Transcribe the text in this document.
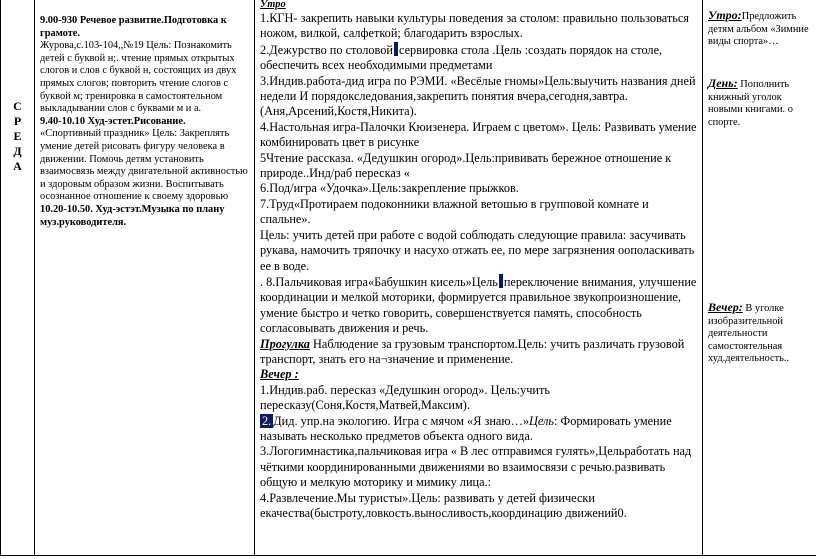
С
Р
Е
Д
А

9.00-930 Речевое развитие.Подготовка к грамоте.

Журова,с.103-104,,№19 Цель: Познакомить детей с буквой н;. чтение прямых открытых слогов и слов с буквой н, состоящих из двух прямых слогов; повторить чтение слогов с буквой м; тренировка в самостоятельном выкладывании слов с буквами м и а.

9.40-10.10 Худ-эстет.Рисование.

«Спортивный праздник» Цель: Закреплять умение детей рисовать фигуру человека в движении. Помочь детям установить взаимосвязь между двигательной активностью и здоровым образом жизни. Воспитывать осознанное отношение к своему здоровью

10.20-10.50. Худ-эстэт.Музыка по плану муз.руководителя.

Утро

1.КГН- закрепить навыки культуры поведения за столом: правильно пользоваться ножом, вилкой, салфеткой; благодарить взрослых.

2.Дежурство по столовой сервировка стола .Цель :создать порядок на столе, обеспечить всех необходимыми предметами

3.Индив.работа-дид игра по РЭМИ. «Весёлые гномы»Цель:выучить названия дней недели И порядокследования,закрепить понятия вчера,сегодня,завтра.(Аня,Арсений,Костя,Никита).

4.Настольная игра-Палочки Кюизенера. Играем с цветом». Цель: Развивать умение комбинировать цвет в рисунке

5Чтение рассказа. «Дедушкин огород».Цель:прививать бережное отношение к природе..Инд/раб пересказ «

6.Под/игра «Удочка».Цель:закрепление прыжков.

7.Труд«Протираем подоконники влажной ветошью в групповой комнате и спальне».

Цель: учить детей при работе с водой соблюдать следующие правила: засучивать рукава, намочить тряпочку и насухо отжать ее, по мере загрязнения оополаскивать ее в воде.

. 8.Пальчиковая игра«Бабушкин кисель»Цель переключение внимания, улучшение координации и мелкой моторики, формируется правильное звукопроизношение, умение быстро и четко говорить, совершенствуется память, способность согласовывать движения и речь.

Прогулка Наблюдение за грузовым транспортом.Цель: учить различать грузовой транспорт, знать его на¬значение и применение.

Вечер :

1.Индив.раб. пересказ «Дедушкин огород». Цель:учить пересказу(Соня,Костя,Матвей,Максим).

2. Дид. упр.на экологию. Игра с мячом «Я знаю…»Цель: Формировать умение называть несколько предметов объекта одного вида.

3.Логогимнастика,пальчиковая игра « В лес отправимся гулять»,Цельработать над чёткими координированными движениями во взаимосвязи с речью.развивать общую и мелкую моторику и мимику лица.:

4.Развлечение.Мы туристы».Цель: развивать у детей физически екачества(быстроту,ловкость.выносливость,координацию движений0.

Утро:Предложить детям альбом «Зимние виды спорта»…
День: Пополнить книжный уголок новыми книгами. о спорте.
Вечер: В уголке изобразительной деятельности самостоятельная худ.деятельность..
